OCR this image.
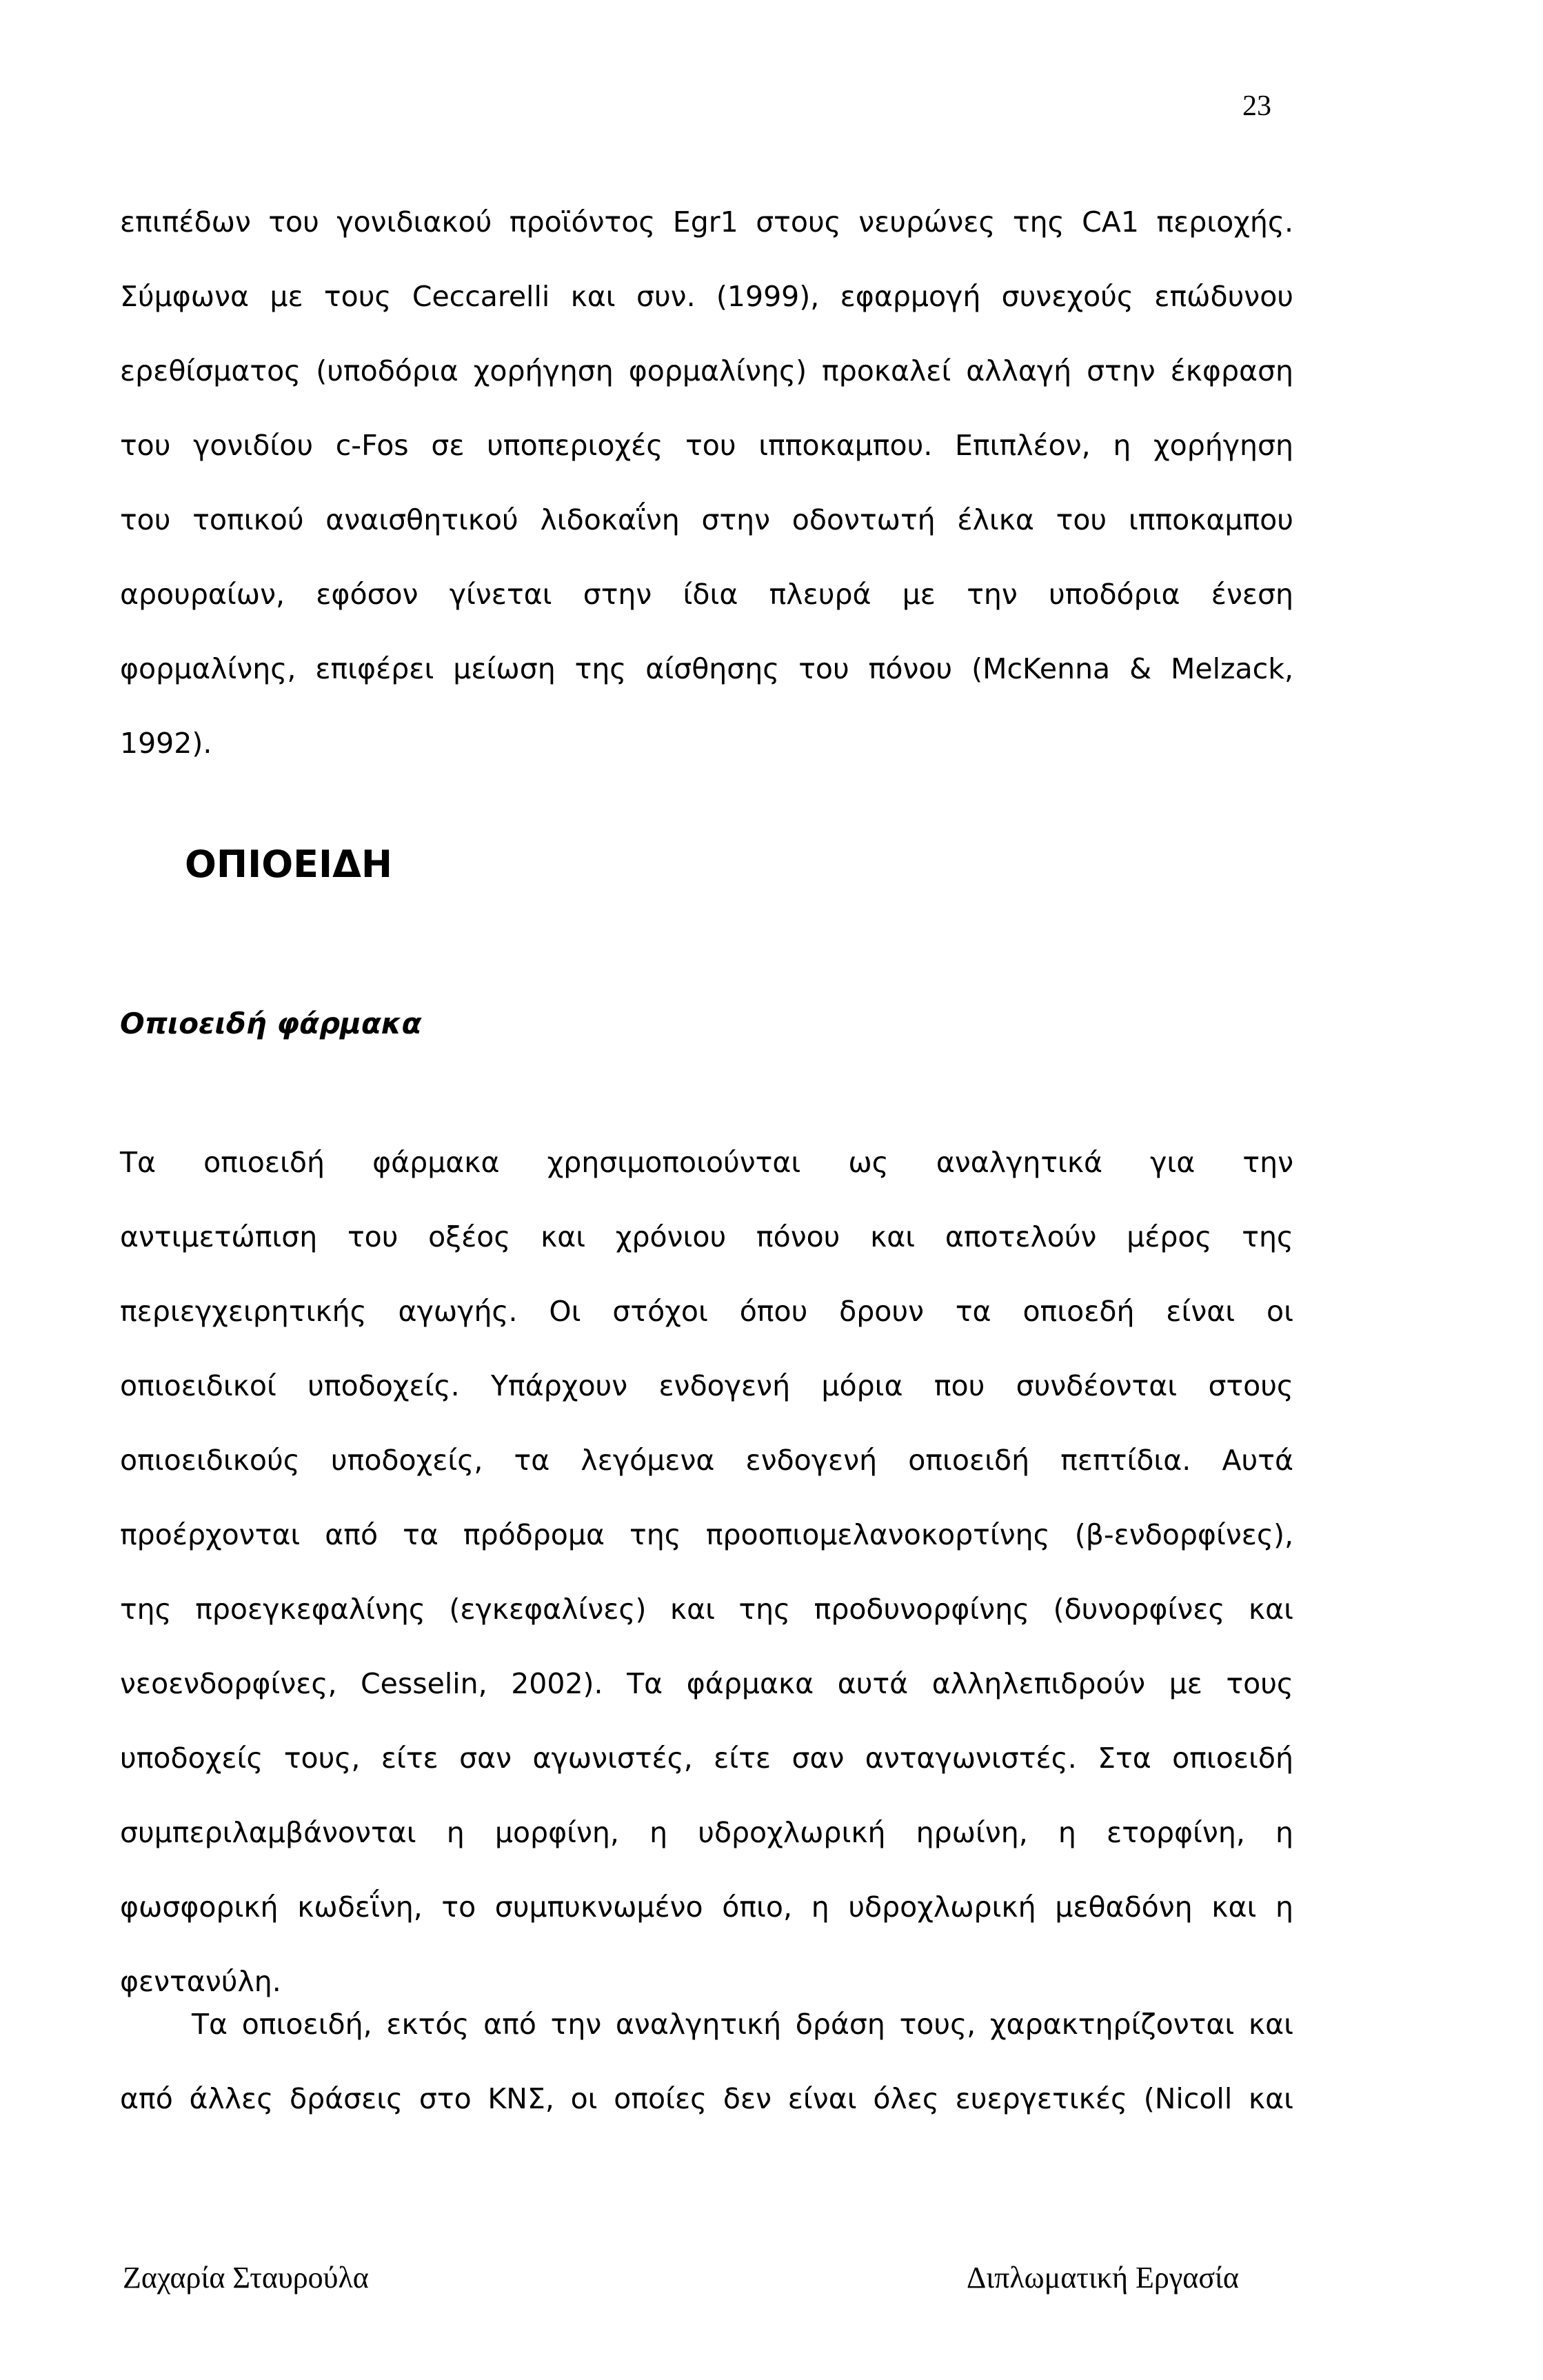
23
επιπέδων του γονιδιακού προϊόντος Egr1 στους νευρώνες της CA1 περιοχής.
Σύμφωνα με τους Ceccarelli και συν. (1999), εφαρμογή συνεχούς επώδυνου
ερεθίσματος (υποδόρια χορήγηση φορμαλίνης) προκαλεί αλλαγή στην έκφραση
του γονιδίου c-Fos σε υποπεριοχές του ιπποκαμπου. Επιπλέον, η χορήγηση
του τοπικού αναισθητικού λιδοκαΐνη στην οδοντωτή έλικα του ιπποκαμπου
αρουραίων, εφόσον γίνεται στην ίδια πλευρά με την υποδόρια ένεση
φορμαλίνης, επιφέρει μείωση της αίσθησης του πόνου (McKenna & Melzack,
1992).
ΟΠΙΟΕΙΔΗ
Οπιοειδή φάρμακα
Τα οπιοειδή φάρμακα χρησιμοποιούνται ως αναλγητικά για την
αντιμετώπιση του οξέος και χρόνιου πόνου και αποτελούν μέρος της
περιεγχειρητικής αγωγής. Οι στόχοι όπου δρουν τα οπιοεδή είναι οι
οπιοειδικοί υποδοχείς. Υπάρχουν ενδογενή μόρια που συνδέονται στους
οπιοειδικούς υποδοχείς, τα λεγόμενα ενδογενή οπιοειδή πεπτίδια. Αυτά
προέρχονται από τα πρόδρομα της προοπιομελανοκορτίνης (β-ενδορφίνες),
της προεγκεφαλίνης (εγκεφαλίνες) και της προδυνορφίνης (δυνορφίνες και
νεοενδορφίνες, Cesselin, 2002). Τα φάρμακα αυτά αλληλεπιδρούν με τους
υποδοχείς τους, είτε σαν αγωνιστές, είτε σαν ανταγωνιστές. Στα οπιοειδή
συμπεριλαμβάνονται η μορφίνη, η υδροχλωρική ηρωίνη, η ετορφίνη, η
φωσφορική κωδεΐνη, το συμπυκνωμένο όπιο, η υδροχλωρική μεθαδόνη και η
φεντανύλη.
Τα οπιοειδή, εκτός από την αναλγητική δράση τους, χαρακτηρίζονται και
από άλλες δράσεις στο ΚΝΣ, οι οποίες δεν είναι όλες ευεργετικές (Nicoll και
Ζαχαρία Σταυρούλα	Διπλωματική Εργασία
